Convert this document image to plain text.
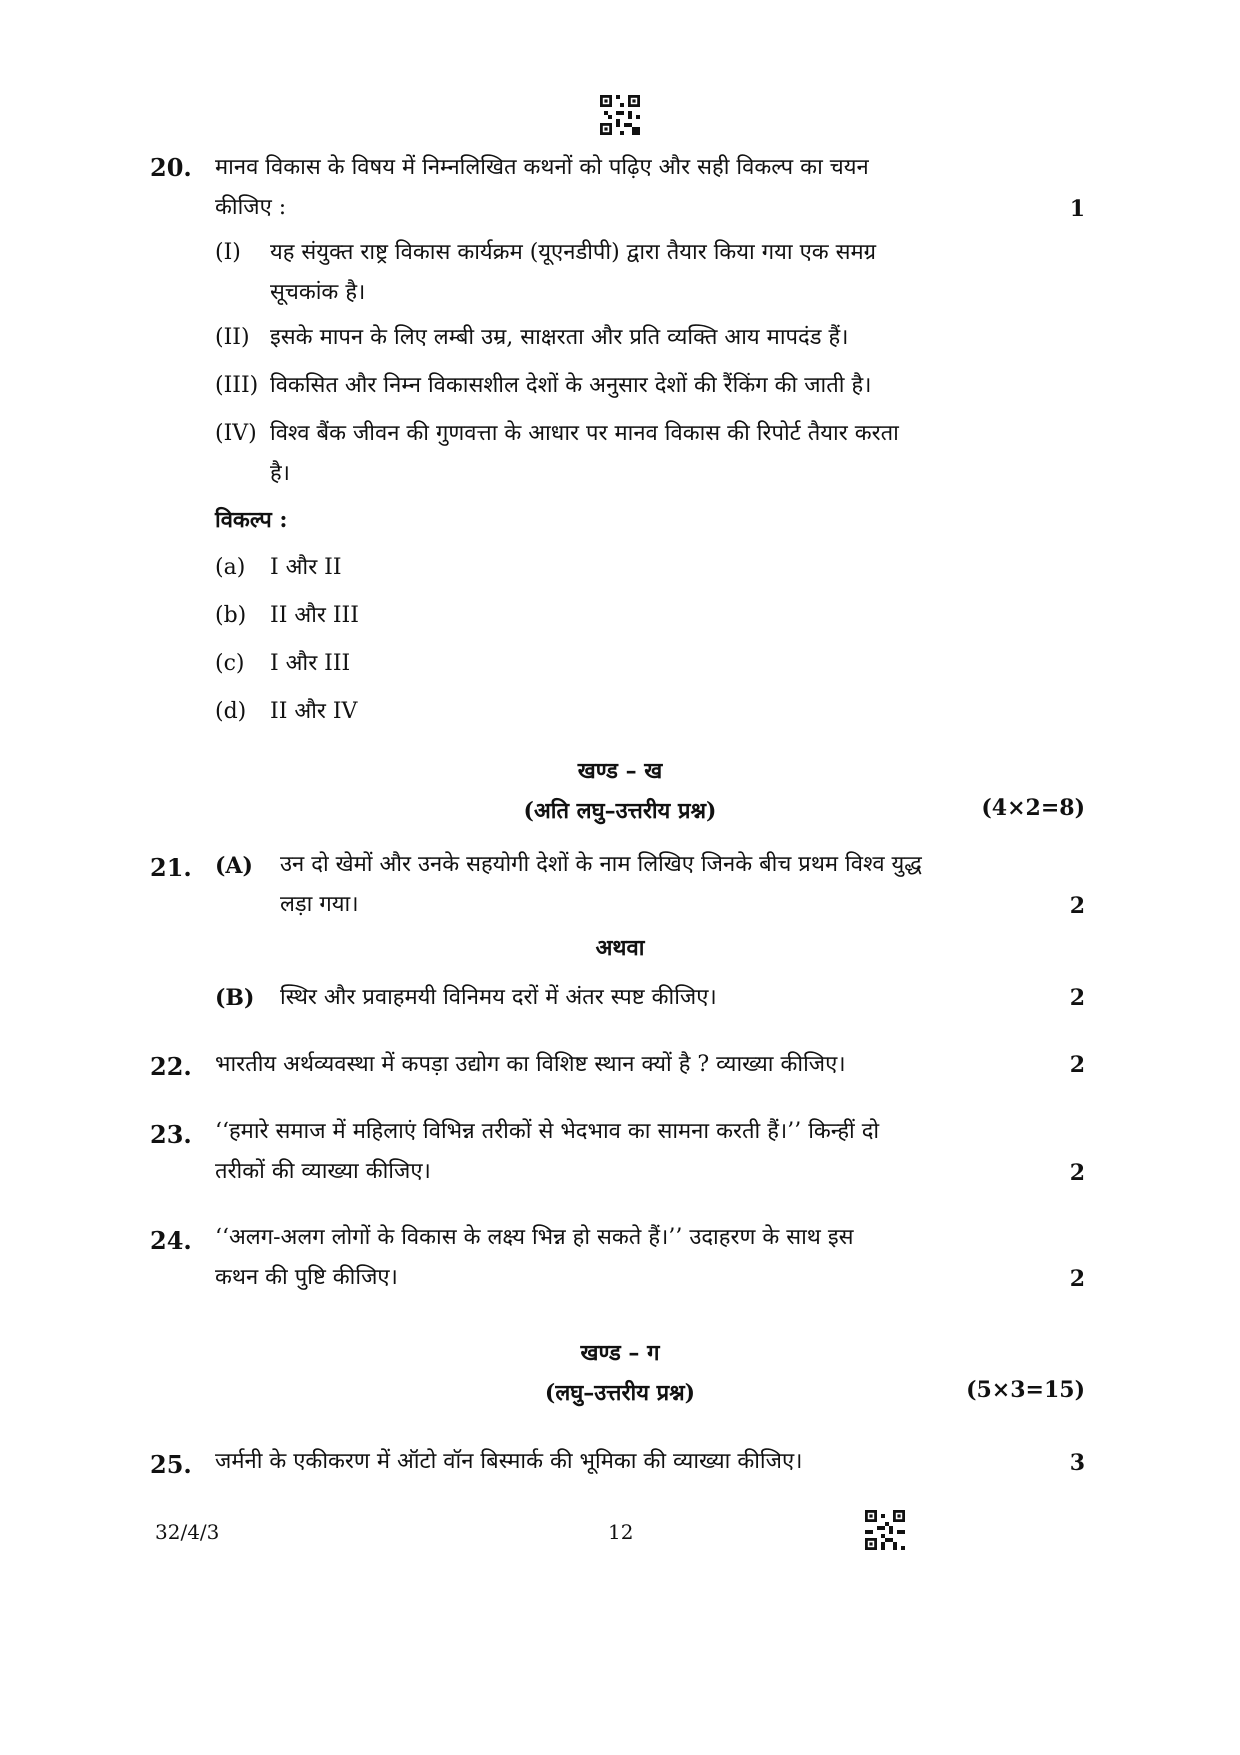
20. मानव विकास के विषय में निम्नलिखित कथनों को पढ़िए और सही विकल्प का चयन
कीजिए :	1
(I) यह संयुक्त राष्ट्र विकास कार्यक्रम (यूएनडीपी) द्वारा तैयार किया गया एक समग्र
सूचकांक है।
(II) इसके मापन के लिए लम्बी उम्र, साक्षरता और प्रति व्यक्ति आय मापदंड हैं।
(III) विकसित और निम्न विकासशील देशों के अनुसार देशों की रैंकिंग की जाती है।
(IV) विश्व बैंक जीवन की गुणवत्ता के आधार पर मानव विकास की रिपोर्ट तैयार करता
है।
विकल्प :
(a) I और II
(b) II और III
(c) I और III
(d) II और IV
खण्ड – ख
(अति लघु–उत्तरीय प्रश्न)	(4×2=8)
21. (A) उन दो खेमों और उनके सहयोगी देशों के नाम लिखिए जिनके बीच प्रथम विश्व युद्ध
लड़ा गया।	2
अथवा
(B) स्थिर और प्रवाहमयी विनिमय दरों में अंतर स्पष्ट कीजिए।	2
22. भारतीय अर्थव्यवस्था में कपड़ा उद्योग का विशिष्ट स्थान क्यों है ? व्याख्या कीजिए।	2
23. ‘‘हमारे समाज में महिलाएं विभिन्न तरीकों से भेदभाव का सामना करती हैं।’’ किन्हीं दो
तरीकों की व्याख्या कीजिए।	2
24. ‘‘अलग-अलग लोगों के विकास के लक्ष्य भिन्न हो सकते हैं।’’ उदाहरण के साथ इस
कथन की पुष्टि कीजिए।	2
खण्ड – ग
(लघु–उत्तरीय प्रश्न)	(5×3=15)
25. जर्मनी के एकीकरण में ऑटो वॉन बिस्मार्क की भूमिका की व्याख्या कीजिए।	3
32/4/3	12
